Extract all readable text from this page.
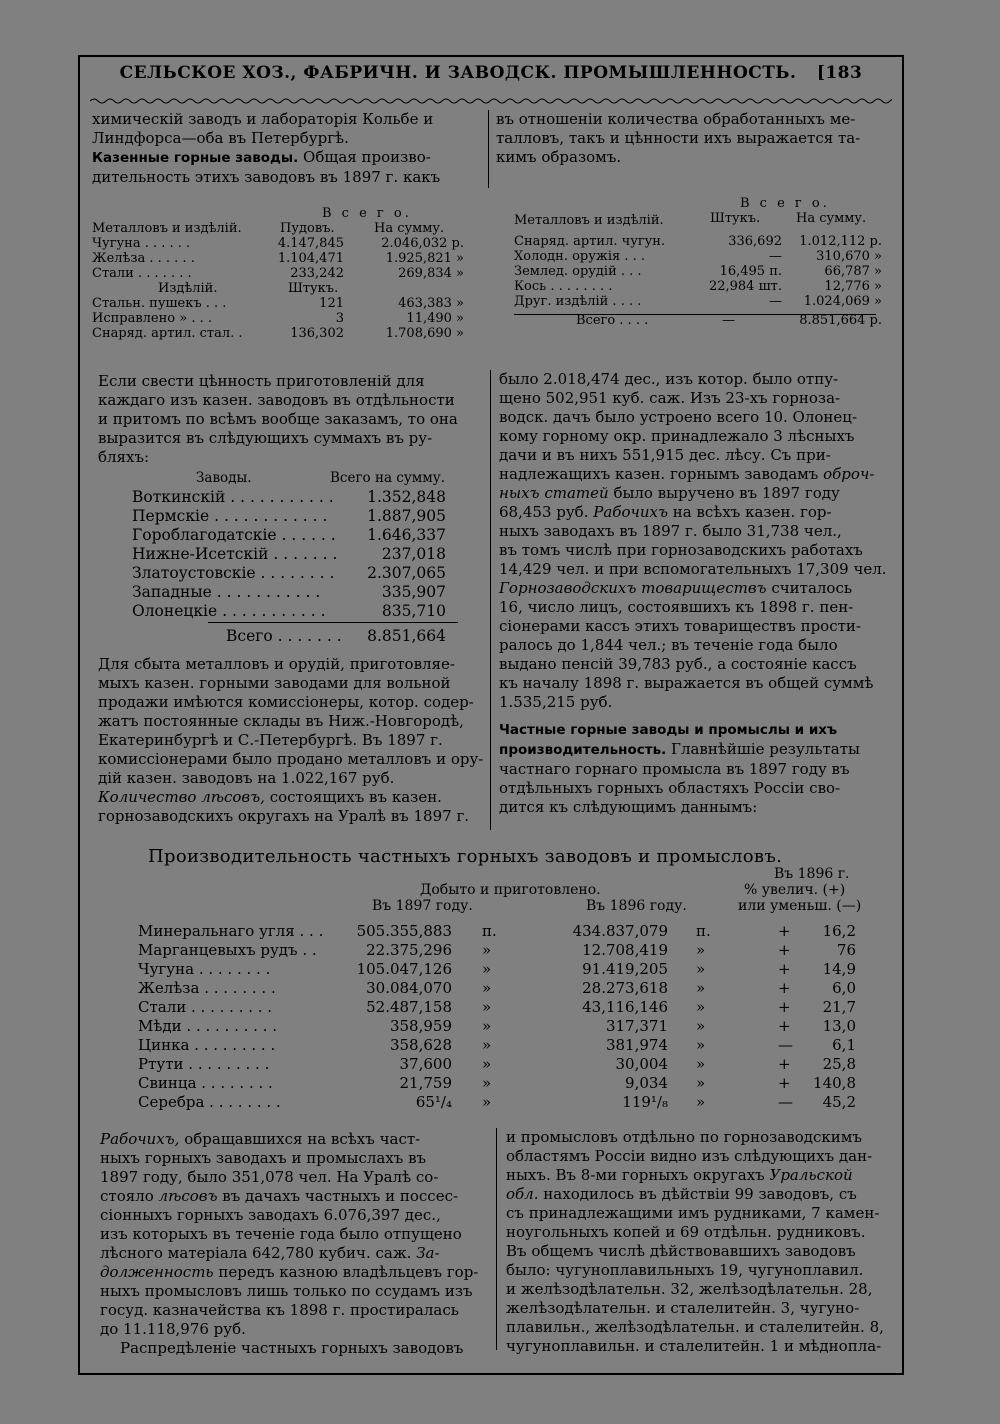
СЕЛЬСКОЕ ХОЗ., ФАБРИЧН. И ЗАВОДСК. ПРОМЫШЛЕННОСТЬ. [183
химическій заводъ и лабораторія Кольбе и
Линдфорса—оба въ Петербургѣ.
Казенные горные заводы. Общая произво-
дительность этихъ заводовъ въ 1897 г. какъ
въ отношеніи количества обработанныхъ ме-
талловъ, такъ и цѣнности ихъ выражается та-
кимъ образомъ.
В с е г о.
Металловъ и издѣлій.	Пудовъ.	На сумму.
Чугуна . . . . . .	4.147,845	2.046,032 р.
Желѣза . . . . . .	1.104,471	1.925,821 »
Стали . . . . . . .	233,242	269,834 »
Издѣлій.	Штукъ.
Стальн. пушекъ . . .	121	463,383 »
Исправлено » . . .	3	11,490 »
Снаряд. артил. стал. .	136,302	1.708,690 »
В с е г о.
Металловъ и издѣлій.	Штукъ.	На сумму.
Снаряд. артил. чугун.	336,692 1.012,112 р.
Холодн. оружія . . .	—	310,670 »
Землед. орудій . . .	16,495 п.	66,787 »
Кось . . . . . . . .	22,984 шт.	12,776 »
Друг. издѣлій . . . .	— 1.024,069 »
Всего . . . .	—	8.851,664 р.
Если свести цѣнность приготовленій для
каждаго изъ казен. заводовъ въ отдѣльности
и притомъ по всѣмъ вообще заказамъ, то она
выразится въ слѣдующихъ суммахъ въ ру-
бляхъ:
Заводы.	Всего на сумму.
Воткинскій . . . . . . . . . . . 1.352,848
Пермскіе . . . . . . . . . . . .	1.887,905
Гороблагодатскіе . . . . . . 1.646,337
Нижне-Исетскій . . . . . . .	237,018
Златоустовскіе . . . . . . . . 2.307,065
Западные . . . . . . . . . . .	335,907
Олонецкіе . . . . . . . . . . .	835,710
Всего . . . . . . . 8.851,664
Для сбыта металловъ и орудій, приготовляе-
мыхъ казен. горными заводами для вольной
продажи имѣются комиссіонеры, котор. содер-
жатъ постоянные склады въ Ниж.-Новгородѣ,
Екатеринбургѣ и С.-Петербургѣ. Въ 1897 г.
комиссіонерами было продано металловъ и ору-
дій казен. заводовъ на 1.022,167 руб.
Количество лѣсовъ, состоящихъ въ казен.
горнозаводскихъ округахъ на Уралѣ въ 1897 г.
было 2.018,474 дес., изъ котор. было отпу-
щено 502,951 куб. саж. Изъ 23-хъ горноза-
водск. дачъ было устроено всего 10. Олонец-
кому горному окр. принадлежало 3 лѣсныхъ
дачи и въ нихъ 551,915 дес. лѣсу. Съ при-
надлежащихъ казен. горнымъ заводамъ оброч-
ныхъ статей было выручено въ 1897 году
68,453 руб. Рабочихъ на всѣхъ казен. гор-
ныхъ заводахъ въ 1897 г. было 31,738 чел.,
въ томъ числѣ при горнозаводскихъ работахъ
14,429 чел. и при вспомогательныхъ 17,309 чел.
Горнозаводскихъ товариществъ считалось
16, число лицъ, состоявшихъ къ 1898 г. пен-
сіонерами кассъ этихъ товариществъ прости-
ралось до 1,844 чел.; въ теченіе года было
выдано пенсій 39,783 руб., а состояніе кассъ
къ началу 1898 г. выражается въ общей суммѣ
1.535,215 руб.
Частные горные заводы и промыслы и ихъ
производительность. Главнѣйшіе результаты
частнаго горнаго промысла въ 1897 году въ
отдѣльныхъ горныхъ областяхъ Россіи сво-
дится къ слѣдующимъ даннымъ:
Производительность частныхъ горныхъ заводовъ и промысловъ.
Въ 1896 г.
Добыто и приготовлено.	% увелич. (+)
Въ 1897 году.	Въ 1896 году.	или уменьш. (—)
Минеральнаго угля . . . 505.355,883 п.	434.837,079 п.	+ 16,2
Марганцевыхъ рудъ . .	22.375,296 »	12.708,419 »	+	76
Чугуна . . . . . . . .	105.047,126 »	91.419,205 »	+ 14,9
Желѣза . . . . . . . .	30.084,070 »	28.273,618 »	+	6,0
Стали . . . . . . . . .	52.487,158 »	43,116,146 »	+ 21,7
Мѣди . . . . . . . . . .	358,959 »	317,371 »	+ 13,0
Цинка . . . . . . . . .	358,628 »	381,974 »	—	6,1
Ртути . . . . . . . . .	37,600 »	30,004 »	+ 25,8
Свинца . . . . . . . .	21,759 »	9,034 »	+ 140,8
Серебра . . . . . . . .	65¹/₄ »	119¹/₈ »	— 45,2
Рабочихъ, обращавшихся на всѣхъ част-
ныхъ горныхъ заводахъ и промыслахъ въ
1897 году, было 351,078 чел. На Уралѣ со-
стояло лѣсовъ въ дачахъ частныхъ и поссес-
сіонныхъ горныхъ заводахъ 6.076,397 дес.,
изъ которыхъ въ теченіе года было отпущено
лѣсного матеріала 642,780 кубич. саж. За-
долженность передъ казною владѣльцевъ гор-
ныхъ промысловъ лишь только по ссудамъ изъ
госуд. казначейства къ 1898 г. простиралась
до 11.118,976 руб.
Распредѣленіе частныхъ горныхъ заводовъ
и промысловъ отдѣльно по горнозаводскимъ
областямъ Россіи видно изъ слѣдующихъ дан-
ныхъ. Въ 8-ми горныхъ округахъ Уральской
обл. находилось въ дѣйствіи 99 заводовъ, съ
съ принадлежащими имъ рудниками, 7 камен-
ноугольныхъ копей и 69 отдѣльн. рудниковъ.
Въ общемъ числѣ дѣйствовавшихъ заводовъ
было: чугуноплавильныхъ 19, чугуноплавил.
и желѣзодѣлательн. 32, желѣзодѣлательн. 28,
желѣзодѣлательн. и сталелитейн. 3, чугуно-
плавильн., желѣзодѣлательн. и сталелитейн. 8,
чугуноплавильн. и сталелитейн. 1 и мѣднопла-
